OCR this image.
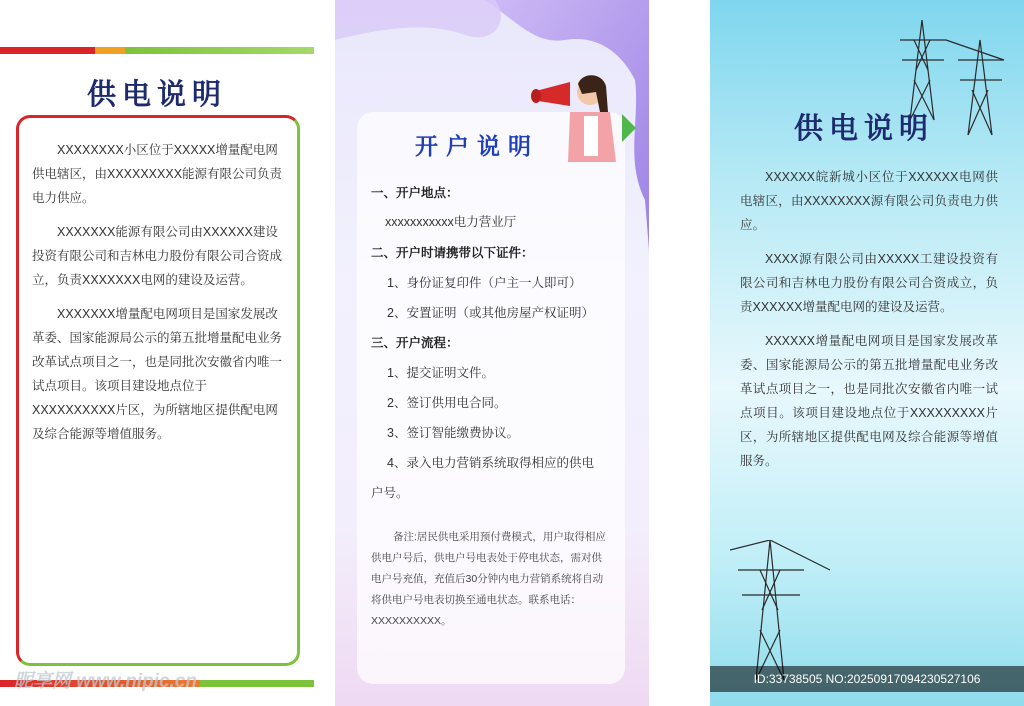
供电说明

XXXXXXXX小区位于XXXXX增量配电网供电辖区，由XXXXXXXXX能源有限公司负责电力供应。

XXXXXXX能源有限公司由XXXXXX建设投资有限公司和吉林电力股份有限公司合资成立，负责XXXXXXX电网的建设及运营。

XXXXXXX增量配电网项目是国家发展改革委、国家能源局公示的第五批增量配电业务改革试点项目之一，也是同批次安徽省内唯一试点项目。该项目建设地点位于XXXXXXXXXX片区，为所辖地区提供配电网及综合能源等增值服务。

昵享网 www.nipic.cn
开户说明
一、开户地点：
xxxxxxxxxxx电力营业厅
二、开户时请携带以下证件：
1、身份证复印件（户主一人即可）
2、安置证明（或其他房屋产权证明）
三、开户流程：
1、提交证明文件。
2、签订供用电合同。
3、签订智能缴费协议。
4、录入电力营销系统取得相应的供电
户号。
备注:居民供电采用预付费模式，用户取得相应供电户号后，供电户号电表处于停电状态，需对供电户号充值，充值后30分钟内电力营销系统将自动将供电户号电表切换至通电状态。联系电话：XXXXXXXXXX。
供电说明

XXXXXX皖新城小区位于XXXXXX电网供电辖区，由XXXXXXXX源有限公司负责电力供应。

XXXX源有限公司由XXXXX工建设投资有限公司和吉林电力股份有限公司合资成立，负责XXXXXX增量配电网的建设及运营。

XXXXXX增量配电网项目是国家发展改革委、国家能源局公示的第五批增量配电业务改革试点项目之一，也是同批次安徽省内唯一试点项目。该项目建设地点位于XXXXXXXXX片区，为所辖地区提供配电网及综合能源等增值服务。

ID:33738505 NO:20250917094230527106
